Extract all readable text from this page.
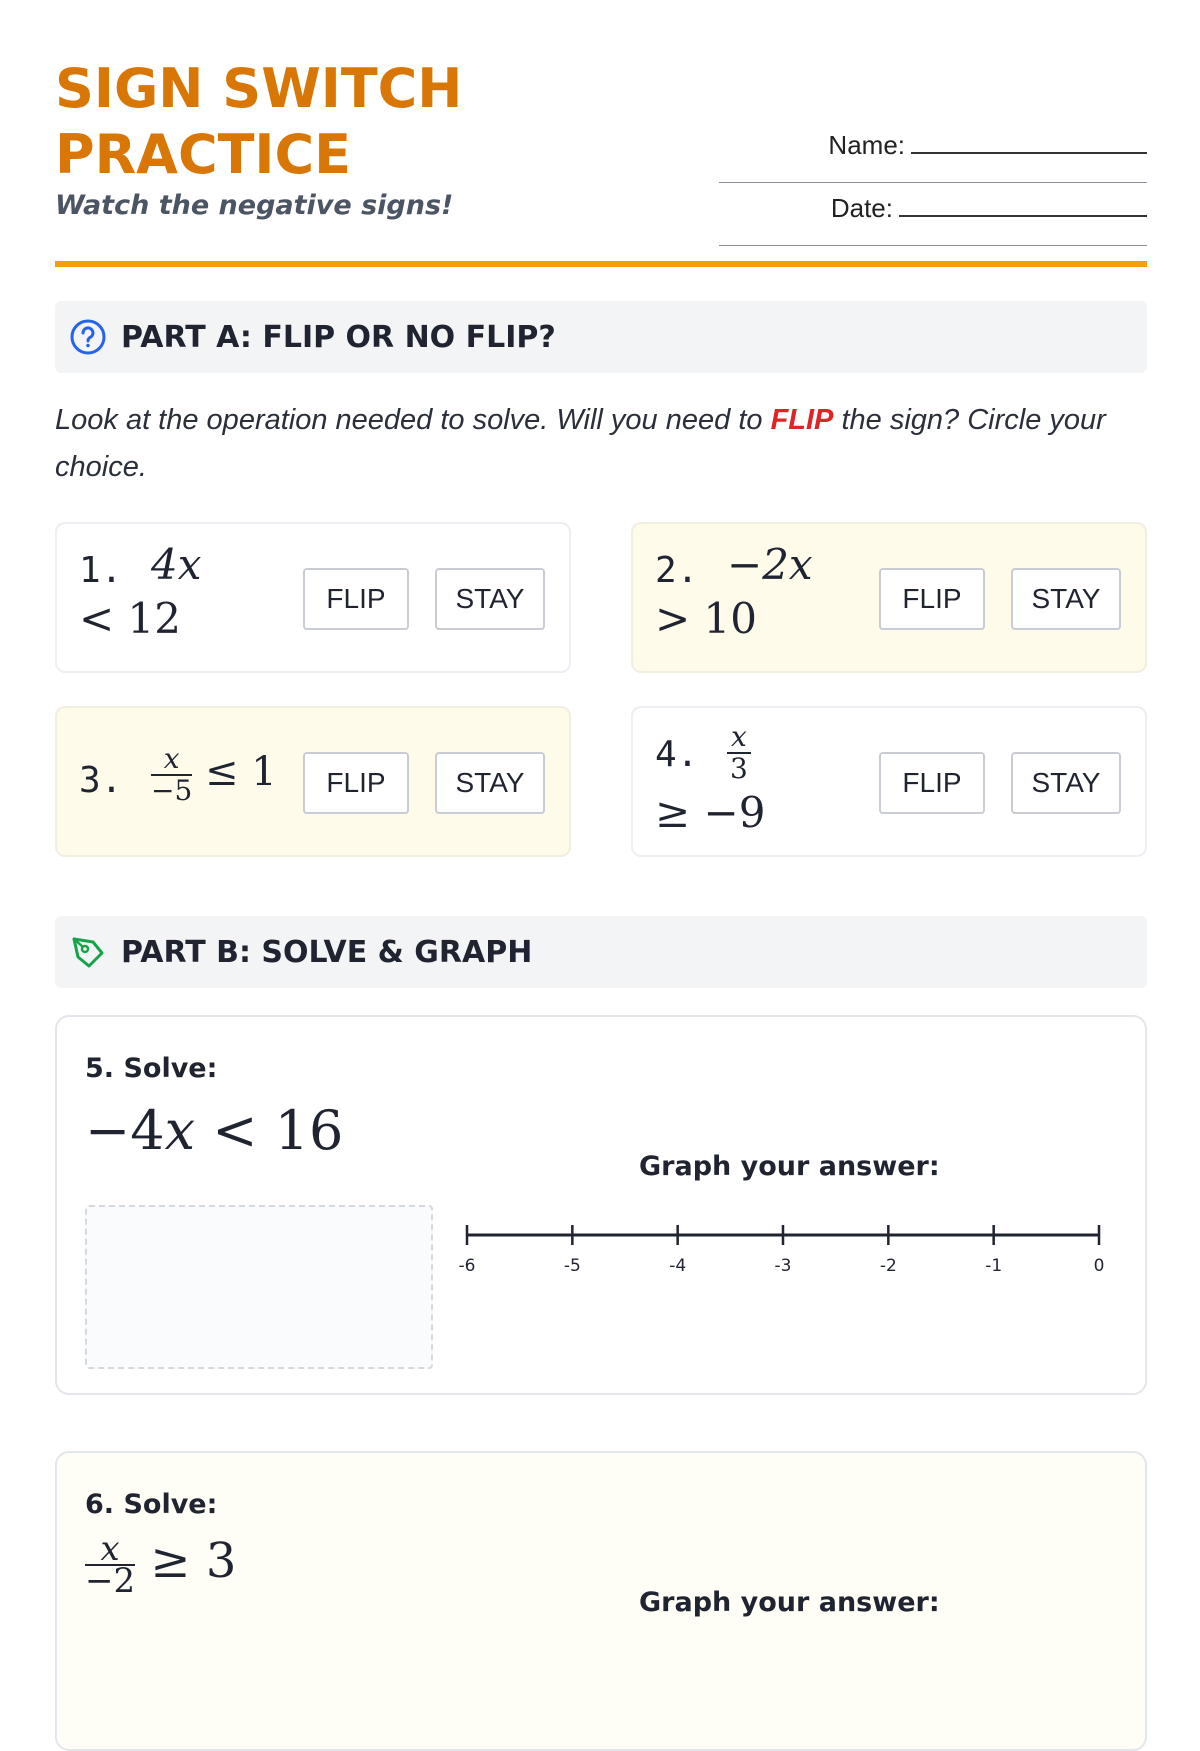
SIGN SWITCH
PRACTICE
Watch the negative signs!
Name:
Date:
PART A: FLIP OR NO FLIP?

Look at the operation needed to solve. Will you need to FLIP the sign? Circle your choice.

1. 4x
< 12	FLIP	STAY
2. −2x
> 10	FLIP	STAY
3. $\frac{x}{-5} \le 1$	FLIP	STAY
4. $\frac{x}{3}$
≥ −9
FLIP	STAY
PART B: SOLVE & GRAPH
5. Solve:
−4x < 16
Graph your answer:
-6	-5	-4	-3	-2	-1	0
6. Solve:
$\frac{x}{-2} \ge 3$
Graph your answer:
